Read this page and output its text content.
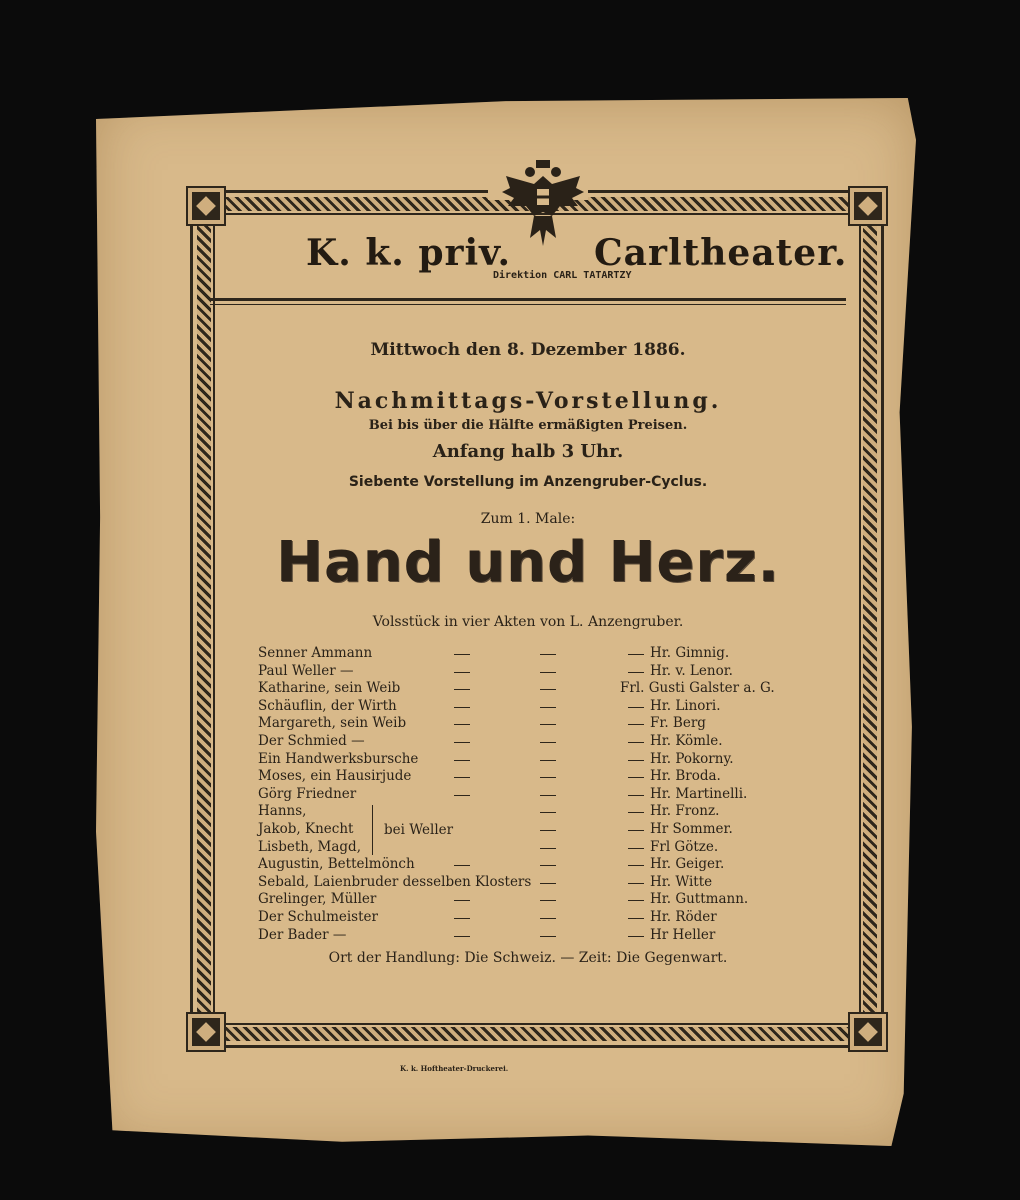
K. k. priv.
Direktion CARL TATARTZY
Carltheater.
Mittwoch den 8. Dezember 1886.
Nachmittags-Vorstellung.
Bei bis über die Hälfte ermäßigten Preisen.
Anfang halb 3 Uhr.
Siebente Vorstellung im Anzengruber-Cyclus.
Zum 1. Male:
Hand und Herz.
Volsstück in vier Akten von L. Anzengruber.
Senner Ammann	Hr. Gimnig.
Paul Weller —	Hr. v. Lenor.
Katharine, sein Weib	Frl. Gusti Galster a. G.
Schäuflin, der Wirth	Hr. Linori.
Margareth, sein Weib	Fr. Berg
Der Schmied —	Hr. Kömle.
Ein Handwerksbursche	Hr. Pokorny.
Moses, ein Hausirjude	Hr. Broda.
Görg Friedner	Hr. Martinelli.
Hanns,	Hr. Fronz.
Jakob, Knecht	Hr Sommer.
Lisbeth, Magd,	Frl Götze.
Augustin, Bettelmönch	Hr. Geiger.
Sebald, Laienbruder desselben Klosters	Hr. Witte
Grelinger, Müller	Hr. Guttmann.
Der Schulmeister	Hr. Röder
Der Bader —	Hr Heller
bei Weller
Ort der Handlung: Die Schweiz. — Zeit: Die Gegenwart.
K. k. Hoftheater-Druckerei.
